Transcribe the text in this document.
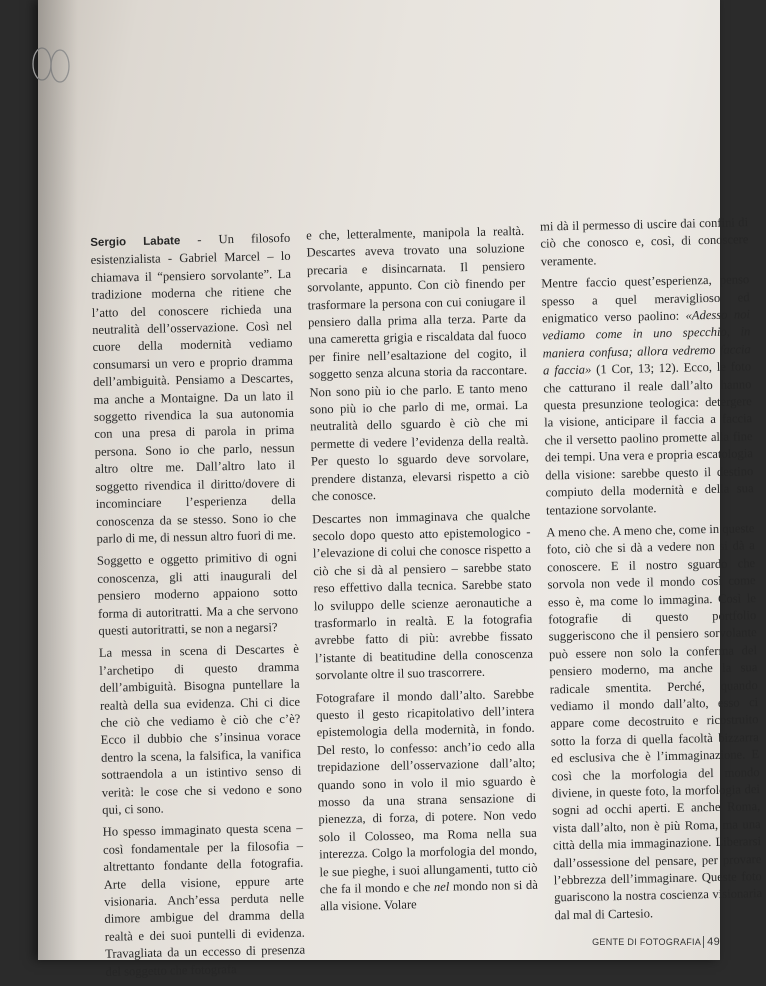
Sergio Labate - Un filosofo esistenzialista - Gabriel Marcel – lo chiamava il “pensiero sorvolante”. La tradizione moderna che ritiene che l’atto del conoscere richieda una neutralità dell’osservazione. Così nel cuore della modernità vediamo consumarsi un vero e proprio dramma dell’ambiguità. Pensiamo a Descartes, ma anche a Montaigne. Da un lato il soggetto rivendica la sua autonomia con una presa di parola in prima persona. Sono io che parlo, nessun altro oltre me. Dall’altro lato il soggetto rivendica il diritto/dovere di incominciare l’esperienza della conoscenza da se stesso. Sono io che parlo di me, di nessun altro fuori di me.

Soggetto e oggetto primitivo di ogni conoscenza, gli atti inaugurali del pensiero moderno appaiono sotto forma di autoritratti. Ma a che servono questi autoritratti, se non a negarsi?

La messa in scena di Descartes è l’archetipo di questo dramma dell’ambiguità. Bisogna puntellare la realtà della sua evidenza. Chi ci dice che ciò che vediamo è ciò che c’è? Ecco il dubbio che s’insinua vorace dentro la scena, la falsifica, la vanifica sottraendola a un istintivo senso di verità: le cose che si vedono e sono qui, ci sono.

Ho spesso immaginato questa scena – così fondamentale per la filosofia – altrettanto fondante della fotografia. Arte della visione, eppure arte visionaria. Anch’essa perduta nelle dimore ambigue del dramma della realtà e dei suoi puntelli di evidenza. Travagliata da un eccesso di presenza del soggetto che fotografa

e che, letteralmente, manipola la realtà. Descartes aveva trovato una soluzione precaria e disincarnata. Il pensiero sorvolante, appunto. Con ciò finendo per trasformare la persona con cui coniugare il pensiero dalla prima alla terza. Parte da una cameretta grigia e riscaldata dal fuoco per finire nell’esaltazione del cogito, il soggetto senza alcuna storia da raccontare. Non sono più io che parlo. E tanto meno sono più io che parlo di me, ormai. La neutralità dello sguardo è ciò che mi permette di vedere l’evidenza della realtà. Per questo lo sguardo deve sorvolare, prendere distanza, elevarsi rispetto a ciò che conosce.

Descartes non immaginava che qualche secolo dopo questo atto epistemologico - l’elevazione di colui che conosce rispetto a ciò che si dà al pensiero – sarebbe stato reso effettivo dalla tecnica. Sarebbe stato lo sviluppo delle scienze aeronautiche a trasformarlo in realtà. E la fotografia avrebbe fatto di più: avrebbe fissato l’istante di beatitudine della conoscenza sorvolante oltre il suo trascorrere.

Fotografare il mondo dall’alto. Sarebbe questo il gesto ricapitolativo dell’intera epistemologia della modernità, in fondo. Del resto, lo confesso: anch’io cedo alla trepidazione dell’osservazione dall’alto; quando sono in volo il mio sguardo è mosso da una strana sensazione di pienezza, di forza, di potere. Non vedo solo il Colosseo, ma Roma nella sua interezza. Colgo la morfologia del mondo, le sue pieghe, i suoi allungamenti, tutto ciò che fa il mondo e che nel mondo non si dà alla visione. Volare

mi dà il permesso di uscire dai confini di ciò che conosco e, così, di conoscere veramente.

Mentre faccio quest’esperienza, penso spesso a quel meraviglioso ed enigmatico verso paolino: «Adesso noi vediamo come in uno specchio, in maniera confusa; allora vedremo faccia a faccia» (1 Cor, 13; 12). Ecco, le foto che catturano il reale dall’alto hanno questa presunzione teologica: detergere la visione, anticipare il faccia a faccia che il versetto paolino promette alla fine dei tempi. Una vera e propria escatologia della visione: sarebbe questo il destino compiuto della modernità e della sua tentazione sorvolante.

A meno che. A meno che, come in queste foto, ciò che si dà a vedere non si dà a conoscere. E il nostro sguardo che sorvola non vede il mondo così come esso è, ma come lo immagina. Così le fotografie di questo portfolio suggeriscono che il pensiero sorvolante può essere non solo la conferma del pensiero moderno, ma anche la sua radicale smentita. Perché, quando vediamo il mondo dall’alto, esso ci appare come decostruito e ricostruito sotto la forza di quella facoltà bizzarra ed esclusiva che è l’immaginazione. E così che la morfologia del mondo diviene, in queste foto, la morfologia dei sogni ad occhi aperti. E anche Roma, vista dall’alto, non è più Roma, ma una città della mia immaginazione. Liberarsi dall’ossessione del pensare, per provare l’ebbrezza dell’immaginare. Queste foto guariscono la nostra coscienza visionaria dal mal di Cartesio.

GENTE DI FOTOGRAFIA 49
